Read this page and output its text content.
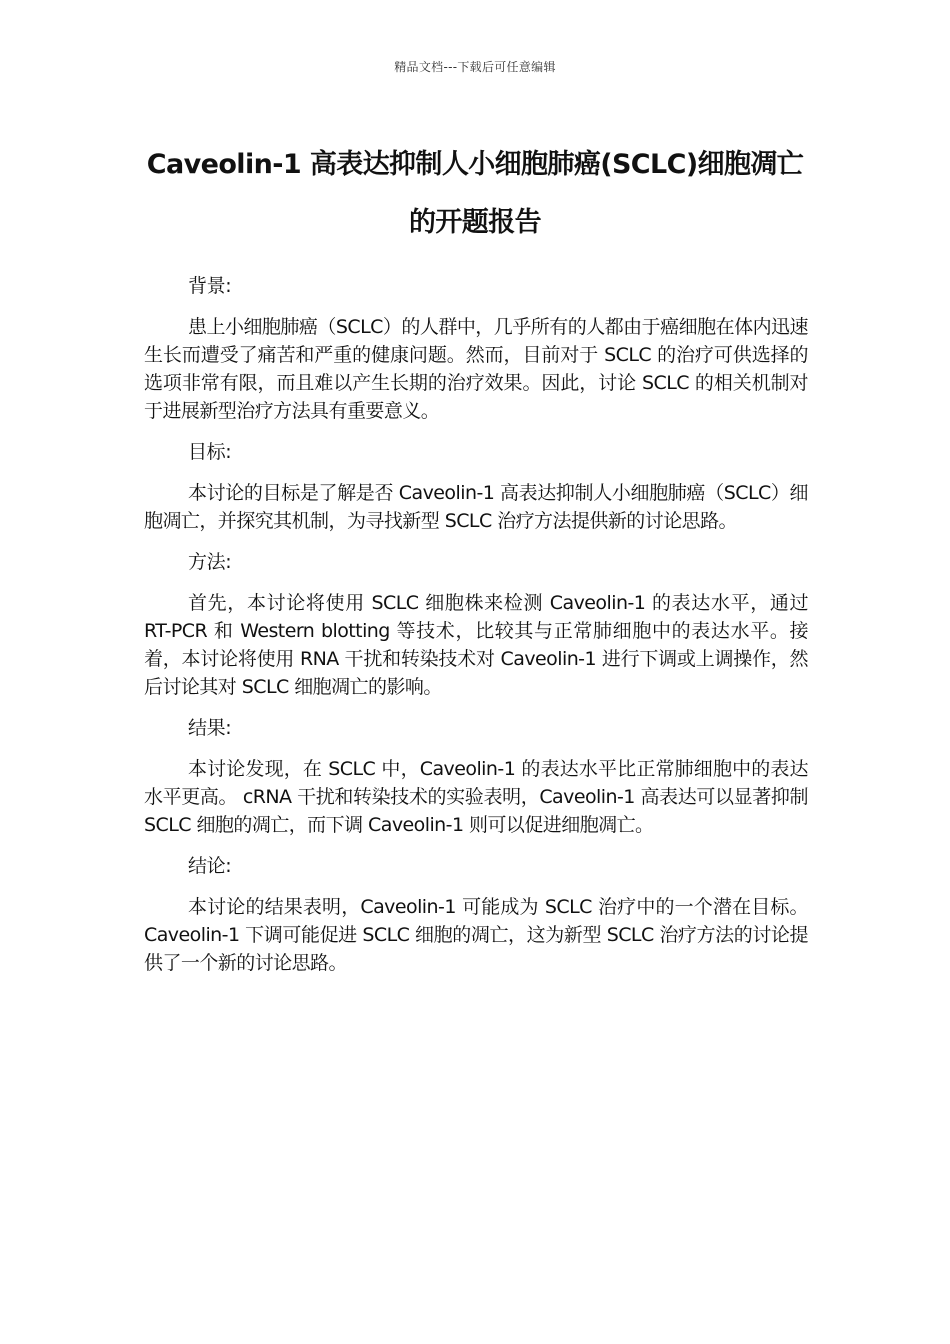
精品文档---下载后可任意编辑
Caveolin-1 高表达抑制人小细胞肺癌(SCLC)细胞凋亡的开题报告

背景:

患上小细胞肺癌（SCLC）的人群中，几乎所有的人都由于癌细胞在体内迅速生长而遭受了痛苦和严重的健康问题。然而，目前对于 SCLC 的治疗可供选择的选项非常有限，而且难以产生长期的治疗效果。因此，讨论 SCLC 的相关机制对于进展新型治疗方法具有重要意义。

目标:

本讨论的目标是了解是否 Caveolin-1 高表达抑制人小细胞肺癌（SCLC）细胞凋亡，并探究其机制，为寻找新型 SCLC 治疗方法提供新的讨论思路。

方法:

首先，本讨论将使用 SCLC 细胞株来检测 Caveolin-1 的表达水平，通过 RT-PCR 和 Western blotting 等技术，比较其与正常肺细胞中的表达水平。接着，本讨论将使用 RNA 干扰和转染技术对 Caveolin-1 进行下调或上调操作，然后讨论其对 SCLC 细胞凋亡的影响。

结果:

本讨论发现，在 SCLC 中，Caveolin-1 的表达水平比正常肺细胞中的表达水平更高。 cRNA 干扰和转染技术的实验表明，Caveolin-1 高表达可以显著抑制 SCLC 细胞的凋亡，而下调 Caveolin-1 则可以促进细胞凋亡。

结论:

本讨论的结果表明，Caveolin-1 可能成为 SCLC 治疗中的一个潜在目标。Caveolin-1 下调可能促进 SCLC 细胞的凋亡，这为新型 SCLC 治疗方法的讨论提供了一个新的讨论思路。
